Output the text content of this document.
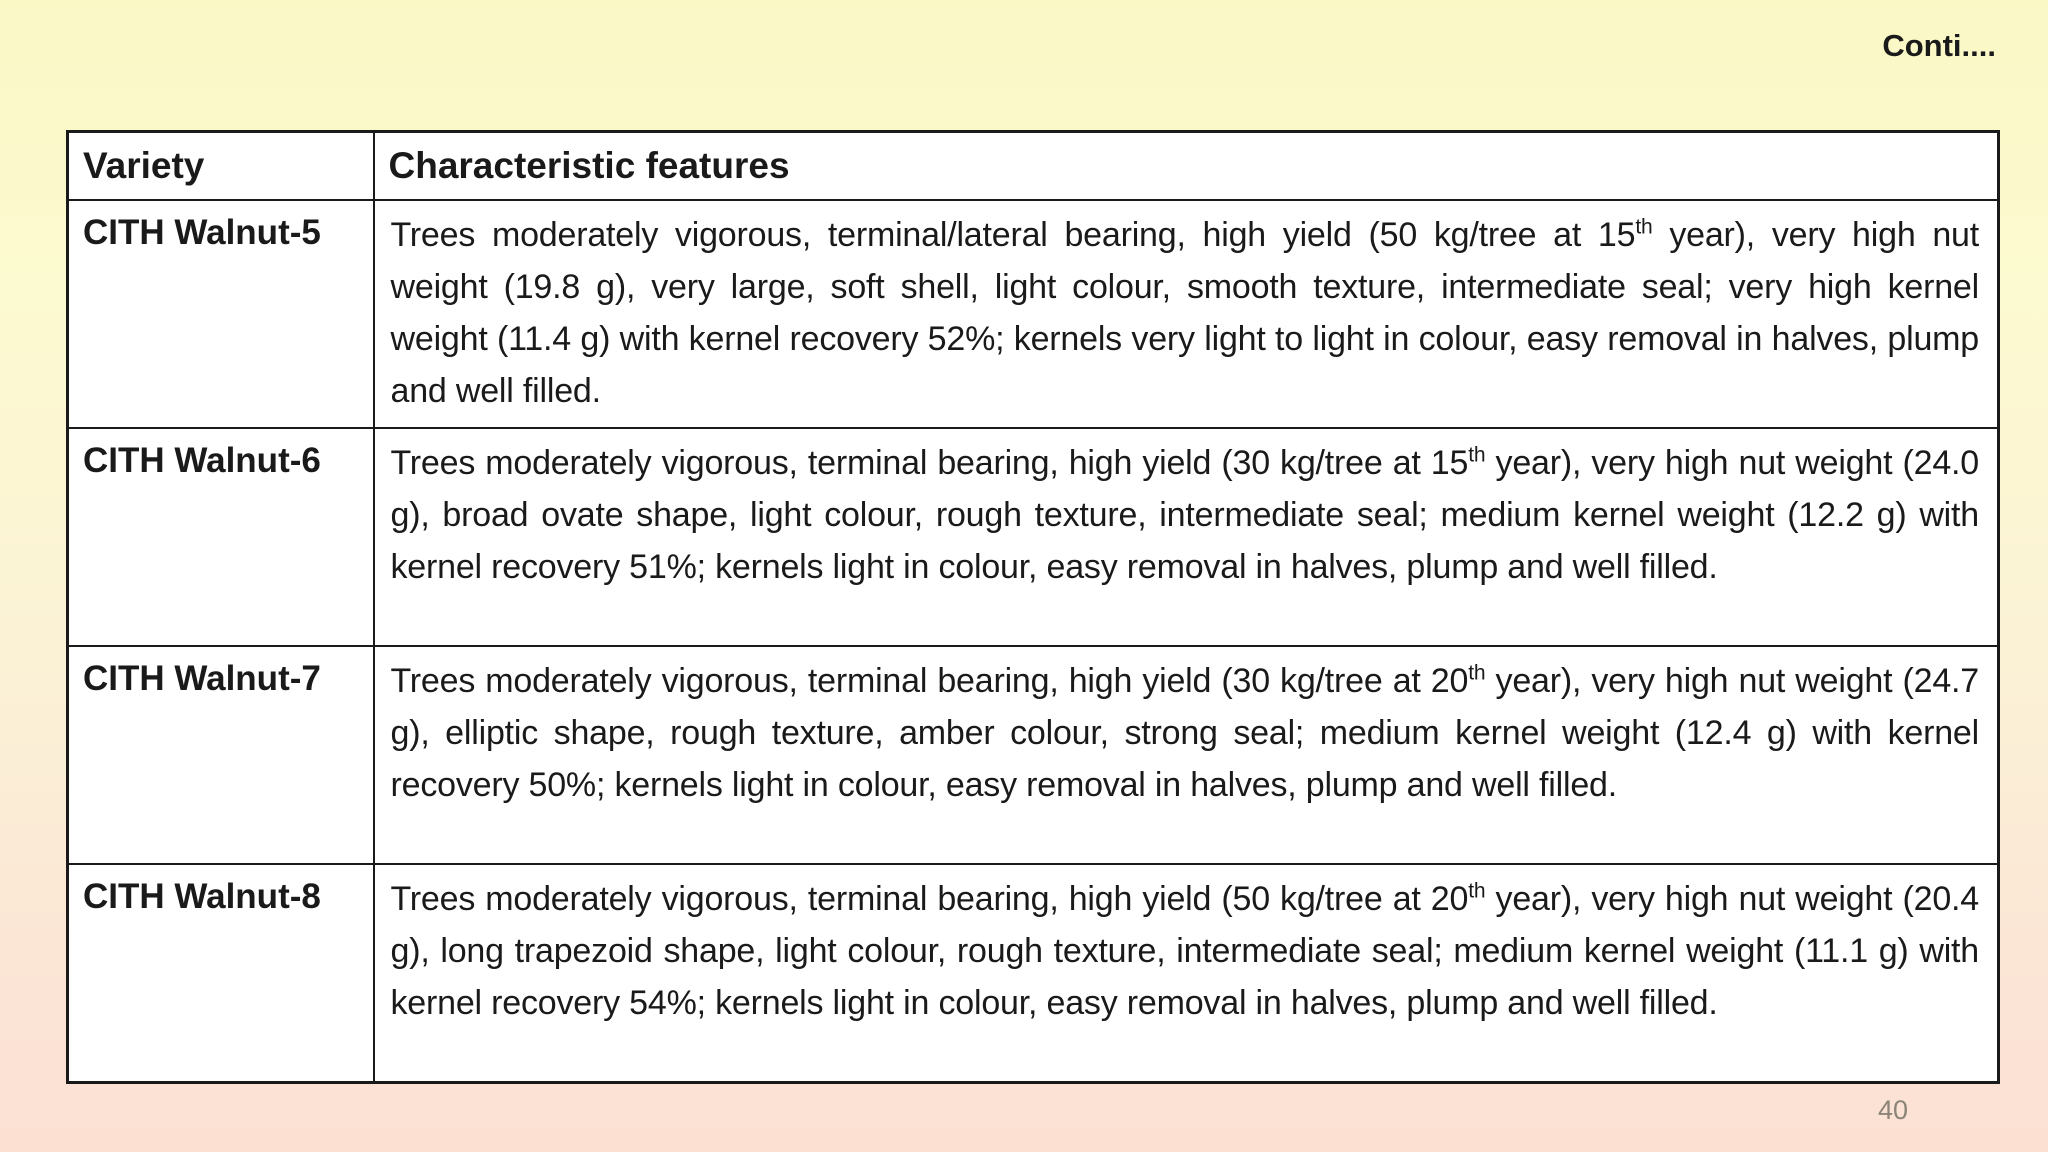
Conti....
Variety	Characteristic features
CITH Walnut-5	Trees moderately vigorous, terminal/lateral bearing, high yield (50 kg/tree at 15th year), very high nut weight (19.8 g), very large, soft shell, light colour, smooth texture, intermediate seal; very high kernel weight (11.4 g) with kernel recovery 52%; kernels very light to light in colour, easy removal in halves, plump and well filled.
CITH Walnut-6	Trees moderately vigorous, terminal bearing, high yield (30 kg/tree at 15th year), very high nut weight (24.0 g), broad ovate shape, light colour, rough texture, intermediate seal; medium kernel weight (12.2 g) with kernel recovery 51%; kernels light in colour, easy removal in halves, plump and well filled.
CITH Walnut-7	Trees moderately vigorous, terminal bearing, high yield (30 kg/tree at 20th year), very high nut weight (24.7 g), elliptic shape, rough texture, amber colour, strong seal; medium kernel weight (12.4 g) with kernel recovery 50%; kernels light in colour, easy removal in halves, plump and well filled.
CITH Walnut-8	Trees moderately vigorous, terminal bearing, high yield (50 kg/tree at 20th year), very high nut weight (20.4 g), long trapezoid shape, light colour, rough texture, intermediate seal; medium kernel weight (11.1 g) with kernel recovery 54%; kernels light in colour, easy removal in halves, plump and well filled.
40
